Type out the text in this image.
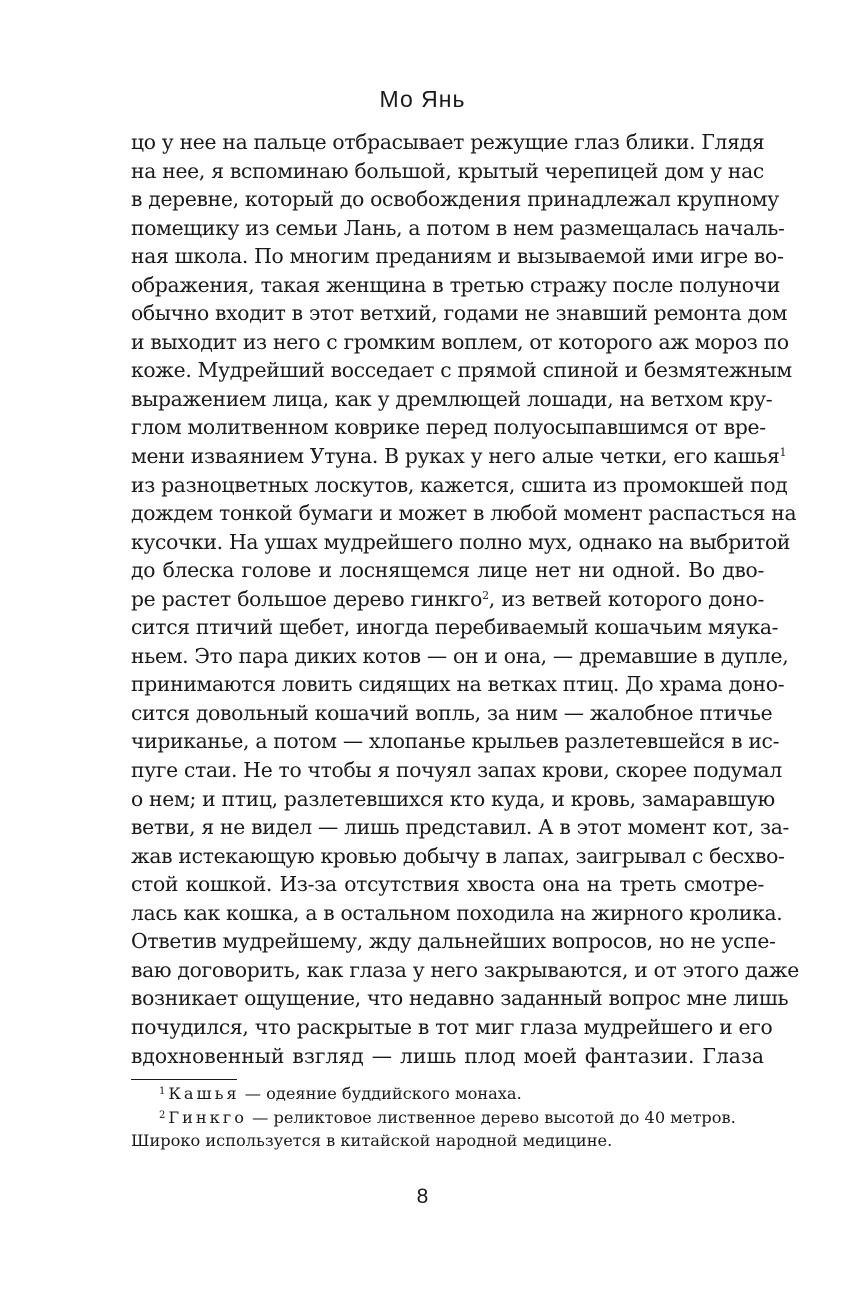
Мо Янь
цо у нее на пальце отбрасывает режущие глаз блики. Глядя
на нее, я вспоминаю большой, крытый черепицей дом у нас
в деревне, который до освобождения принадлежал крупному
помещику из семьи Лань, а потом в нем размещалась началь-
ная школа. По многим преданиям и вызываемой ими игре во-
ображения, такая женщина в третью стражу после полуночи
обычно входит в этот ветхий, годами не знавший ремонта дом
и выходит из него с громким воплем, от которого аж мороз по
коже. Мудрейший восседает с прямой спиной и безмятежным
выражением лица, как у дремлющей лошади, на ветхом кру-
глом молитвенном коврике перед полуосыпавшимся от вре-
мени изваянием Утуна. В руках у него алые четки, его кашья$^1$
из разноцветных лоскутов, кажется, сшита из промокшей под
дождем тонкой бумаги и может в любой момент распасться на
кусочки. На ушах мудрейшего полно мух, однако на выбритой
до блеска голове и лоснящемся лице нет ни одной. Во дво-
ре растет большое дерево гинкго$^2$, из ветвей которого доно-
сится птичий щебет, иногда перебиваемый кошачьим мяука-
ньем. Это пара диких котов — он и она, — дремавшие в дупле,
принимаются ловить сидящих на ветках птиц. До храма доно-
сится довольный кошачий вопль, за ним — жалобное птичье
чириканье, а потом — хлопанье крыльев разлетевшейся в ис-
пуге стаи. Не то чтобы я почуял запах крови, скорее подумал
о нем; и птиц, разлетевшихся кто куда, и кровь, замаравшую
ветви, я не видел — лишь представил. А в этот момент кот, за-
жав истекающую кровью добычу в лапах, заигрывал с бесхво-
стой кошкой. Из-за отсутствия хвоста она на треть смотре-
лась как кошка, а в остальном походила на жирного кролика.
Ответив мудрейшему, жду дальнейших вопросов, но не успе-
ваю договорить, как глаза у него закрываются, и от этого даже
возникает ощущение, что недавно заданный вопрос мне лишь
почудился, что раскрытые в тот миг глаза мудрейшего и его
вдохновенный взгляд — лишь плод моей фантазии. Глаза
$^1$ Кашья — одеяние буддийского монаха.
$^2$ Гинкго — реликтовое лиственное дерево высотой до 40 метров.
Широко используется в китайской народной медицине.
8
